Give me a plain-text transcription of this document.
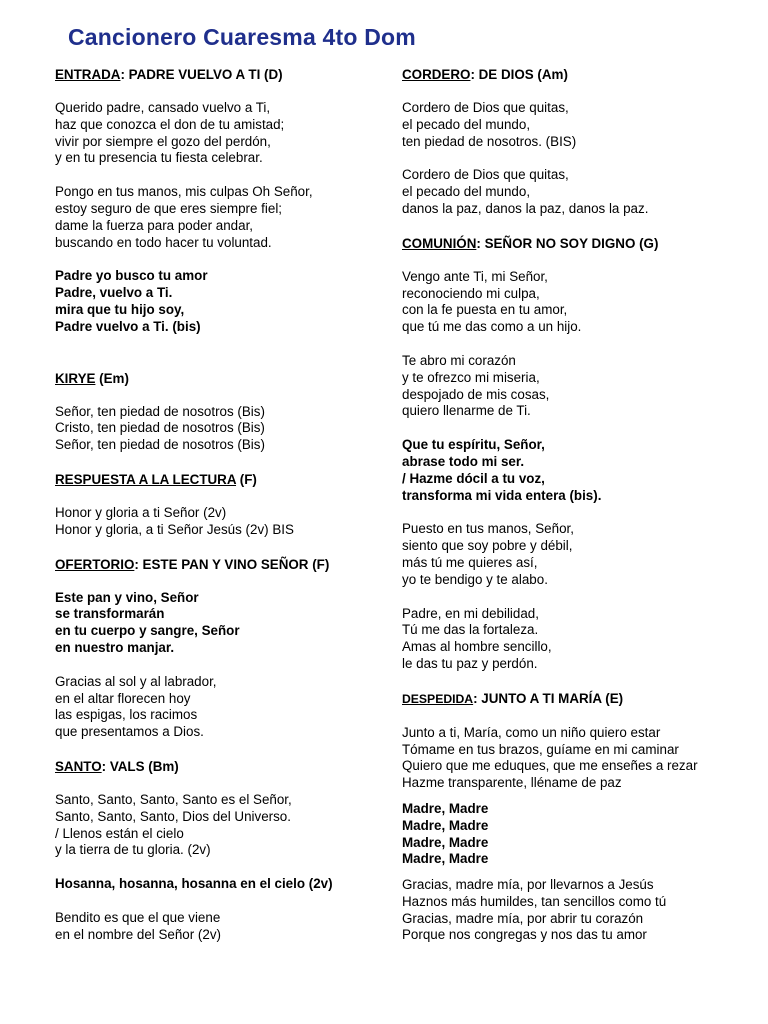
Cancionero Cuaresma 4to Dom
ENTRADA: PADRE VUELVO A TI (D)
Querido padre, cansado vuelvo a Ti,
haz que conozca el don de tu amistad;
vivir por siempre el gozo del perdón,
y en tu presencia tu fiesta celebrar.
Pongo en tus manos, mis culpas Oh Señor,
estoy seguro de que eres siempre fiel;
dame la fuerza para poder andar,
buscando en todo hacer tu voluntad.
Padre yo busco tu amor
Padre, vuelvo a Ti.
mira que tu hijo soy,
Padre vuelvo a Ti. (bis)
KIRYE (Em)
Señor, ten piedad de nosotros (Bis)
Cristo, ten piedad de nosotros (Bis)
Señor, ten piedad de nosotros (Bis)
RESPUESTA A LA LECTURA (F)
Honor y gloria a ti Señor (2v)
Honor y gloria, a ti Señor Jesús (2v) BIS
OFERTORIO: ESTE PAN Y VINO SEÑOR (F)
Este pan y vino, Señor
se transformarán
en tu cuerpo y sangre, Señor
en nuestro manjar.
Gracias al sol y al labrador,
en el altar florecen hoy
las espigas, los racimos
que presentamos a Dios.
SANTO: VALS (Bm)
Santo, Santo, Santo, Santo es el Señor,
Santo, Santo, Santo, Dios del Universo.
/ Llenos están el cielo
y la tierra de tu gloria. (2v)
Hosanna, hosanna, hosanna en el cielo (2v)
Bendito es que el que viene
en el nombre del Señor (2v)
CORDERO: DE DIOS (Am)
Cordero de Dios que quitas,
el pecado del mundo,
ten piedad de nosotros. (BIS)
Cordero de Dios que quitas,
el pecado del mundo,
danos la paz, danos la paz, danos la paz.
COMUNIÓN: SEÑOR NO SOY DIGNO (G)
Vengo ante Ti, mi Señor,
reconociendo mi culpa,
con la fe puesta en tu amor,
que tú me das como a un hijo.
Te abro mi corazón
y te ofrezco mi miseria,
despojado de mis cosas,
quiero llenarme de Ti.
Que tu espíritu, Señor,
abrase todo mi ser.
/ Hazme dócil a tu voz,
transforma mi vida entera (bis).
Puesto en tus manos, Señor,
siento que soy pobre y débil,
más tú me quieres así,
yo te bendigo y te alabo.
Padre, en mi debilidad,
Tú me das la fortaleza.
Amas al hombre sencillo,
le das tu paz y perdón.
DESPEDIDA: JUNTO A TI MARÍA (E)
Junto a ti, María, como un niño quiero estar
Tómame en tus brazos, guíame en mi caminar
Quiero que me eduques, que me enseñes a rezar
Hazme transparente, lléname de paz
Madre, Madre
Madre, Madre
Madre, Madre
Madre, Madre
Gracias, madre mía, por llevarnos a Jesús
Haznos más humildes, tan sencillos como tú
Gracias, madre mía, por abrir tu corazón
Porque nos congregas y nos das tu amor
